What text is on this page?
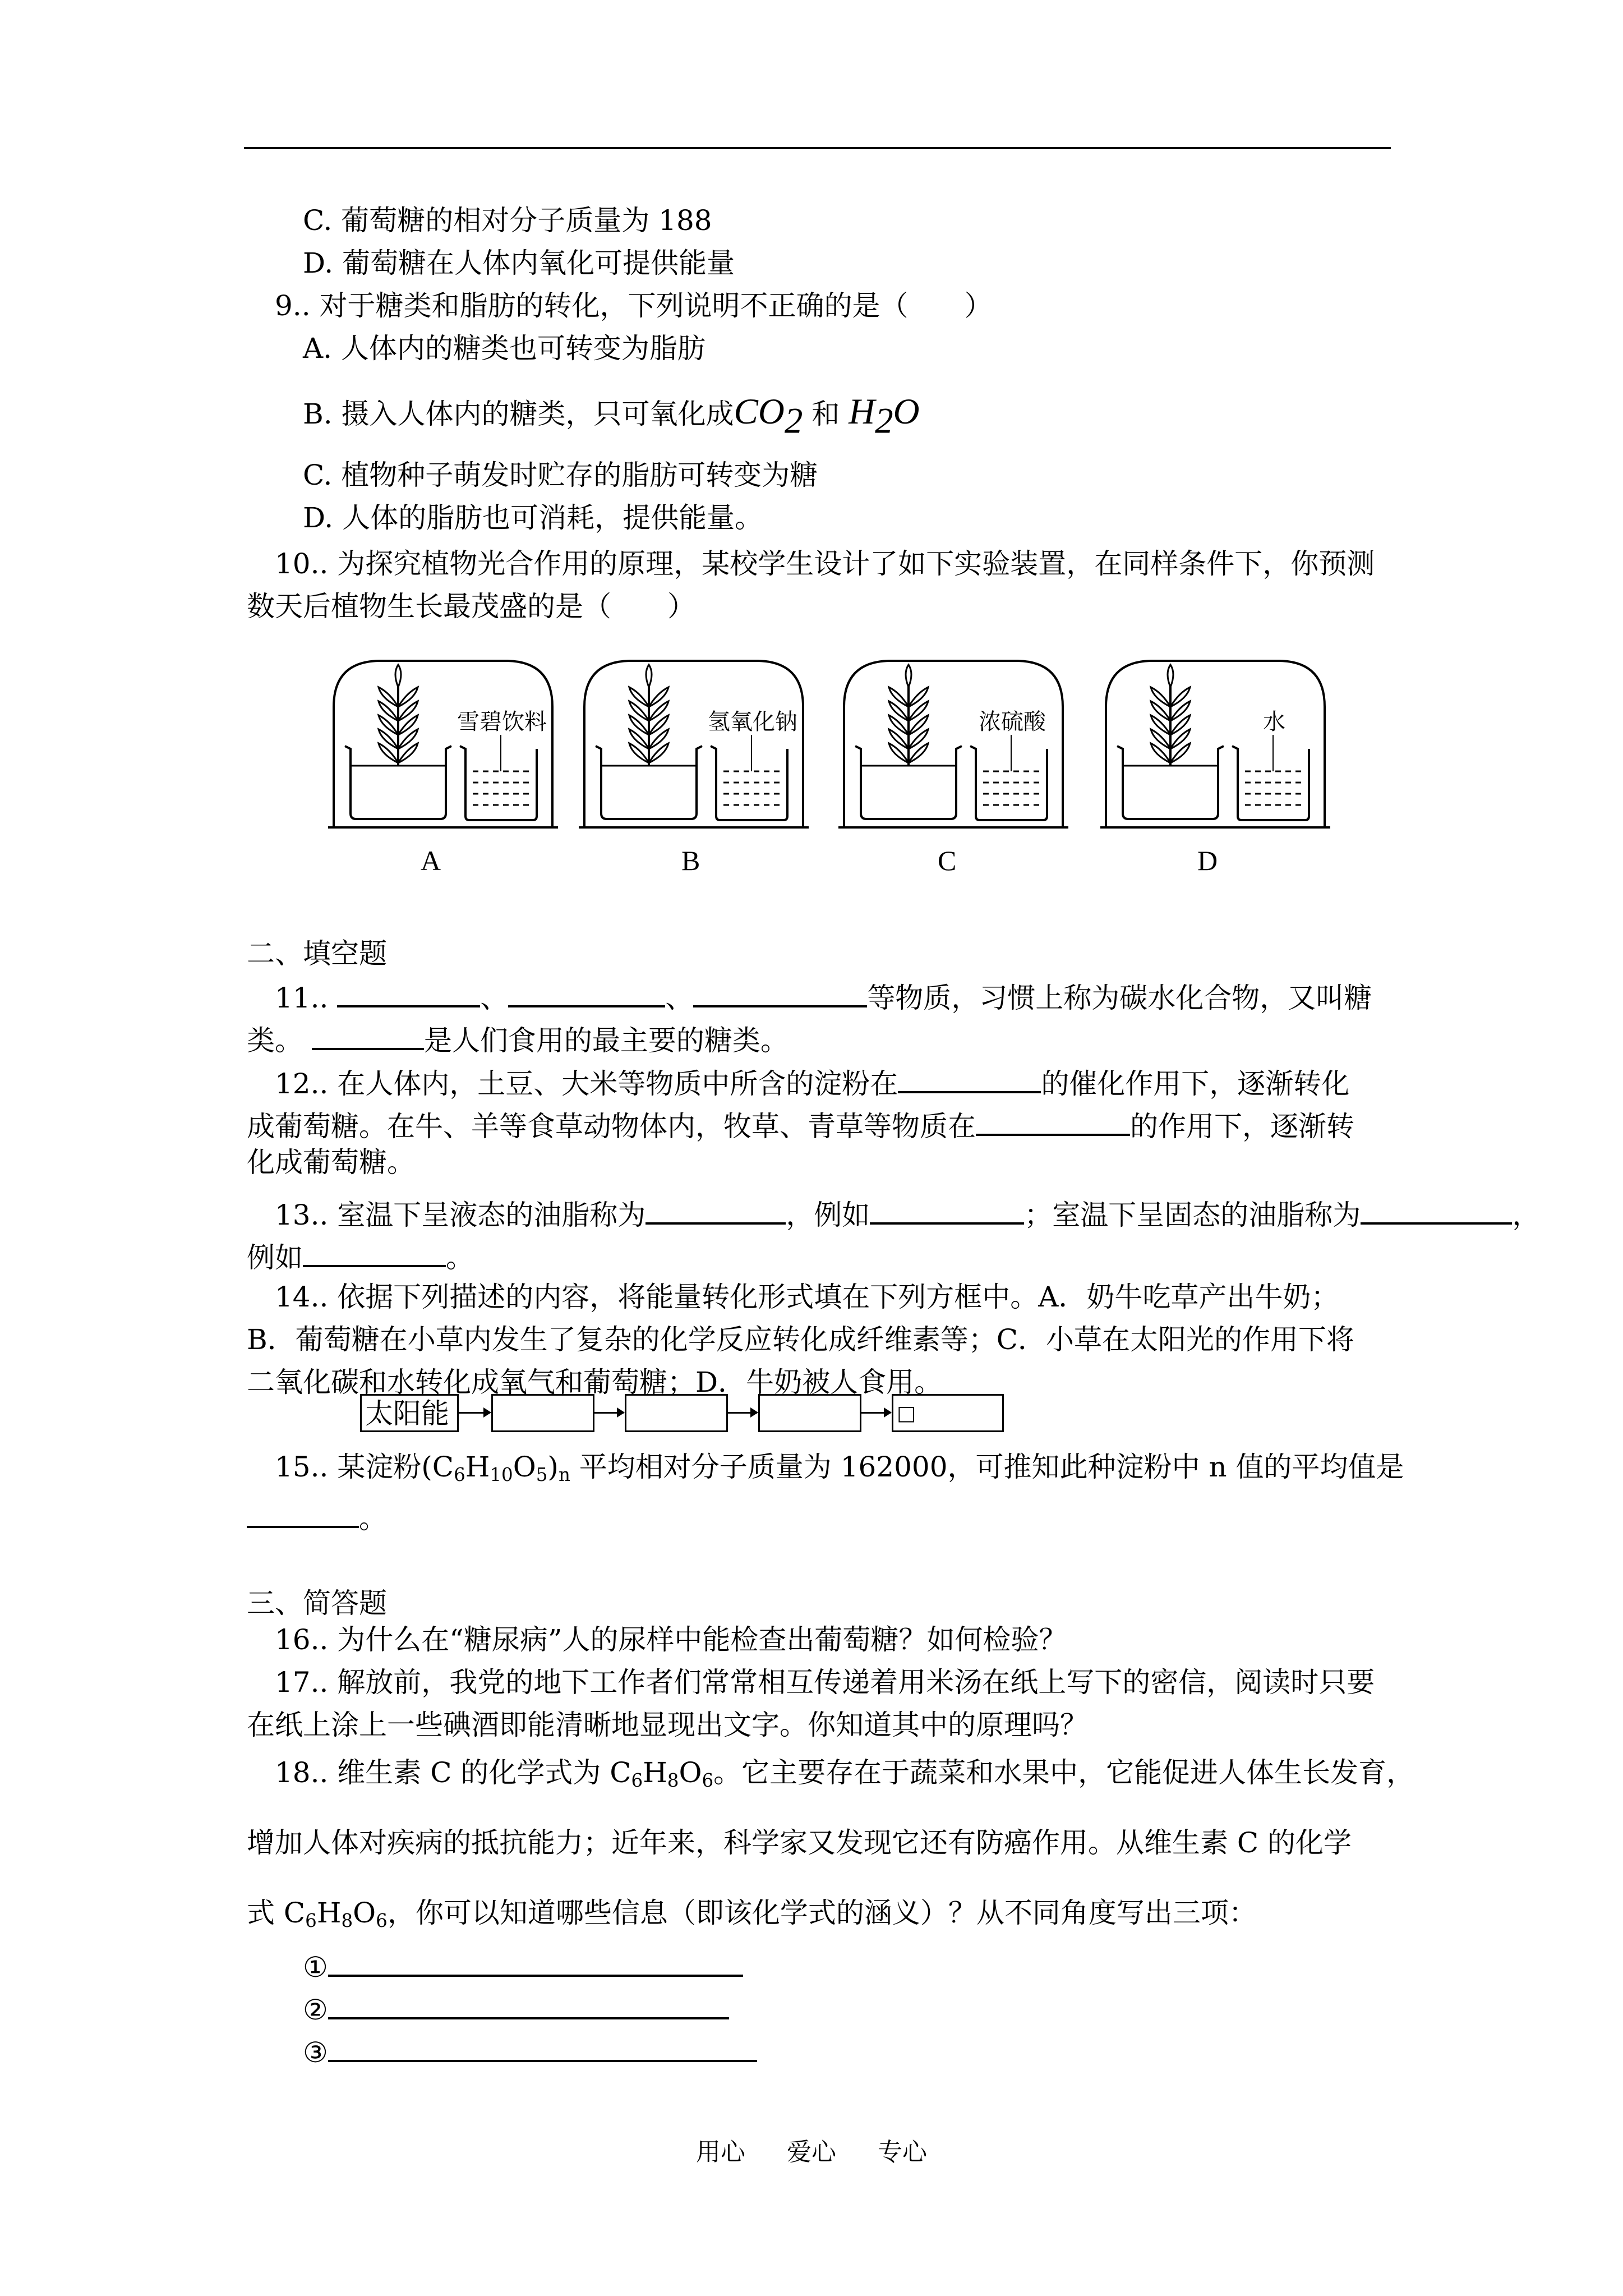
C. 葡萄糖的相对分子质量为 188
D. 葡萄糖在人体内氧化可提供能量
9.. 对于糖类和脂肪的转化，下列说明不正确的是（　　）
A. 人体内的糖类也可转变为脂肪
B. 摄入人体内的糖类，只可氧化成CO2 和 H2O
C. 植物种子萌发时贮存的脂肪可转变为糖
D. 人体的脂肪也可消耗，提供能量。
10.. 为探究植物光合作用的原理，某校学生设计了如下实验装置，在同样条件下，你预测
数天后植物生长最茂盛的是（　　）
雪碧饮料	氢氧化钠	浓硫酸	水
A	B	C	D
二、填空题
11..	、	、	等物质，习惯上称为碳水化合物，又叫糖
类。	是人们食用的最主要的糖类。
12.. 在人体内，土豆、大米等物质中所含的淀粉在	的催化作用下，逐渐转化
成葡萄糖。在牛、羊等食草动物体内，牧草、青草等物质在	的作用下，逐渐转
化成葡萄糖。
13.. 室温下呈液态的油脂称为	，例如	；室温下呈固态的油脂称为	，
例如	。
14.. 依据下列描述的内容，将能量转化形式填在下列方框中。A．奶牛吃草产出牛奶；
B．葡萄糖在小草内发生了复杂的化学反应转化成纤维素等；C．小草在太阳光的作用下将
二氧化碳和水转化成氧气和葡萄糖；D．牛奶被人食用。
太阳能	□
15.. 某淀粉$(C_6H_{10}O_5)_n$ 平均相对分子质量为 162000，可推知此种淀粉中 n 值的平均值是
。
三、简答题
16.. 为什么在“糖尿病”人的尿样中能检查出葡萄糖？如何检验？
17.. 解放前，我党的地下工作者们常常相互传递着用米汤在纸上写下的密信，阅读时只要
在纸上涂上一些碘酒即能清晰地显现出文字。你知道其中的原理吗？
18.. 维生素 C 的化学式为 $C_6H_8O_6$。它主要存在于蔬菜和水果中，它能促进人体生长发育，
增加人体对疾病的抵抗能力；近年来，科学家又发现它还有防癌作用。从维生素 C 的化学
式 $C_6H_8O_6$，你可以知道哪些信息（即该化学式的涵义）？从不同角度写出三项：
①
②
③
用心 爱心 专心
